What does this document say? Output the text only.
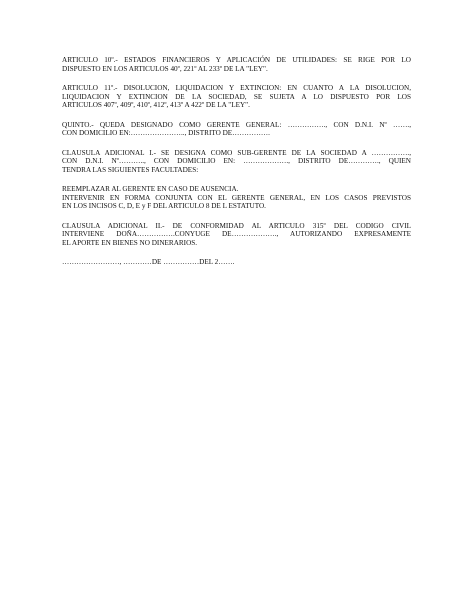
ARTICULO 10º.- ESTADOS FINANCIEROS Y APLICACIÓN DE UTILIDADES: SE RIGE POR LO
DISPUESTO EN LOS ARTICULOS 40º, 221º AL 233º DE LA "LEY".
ARTICULO 11º.- DISOLUCION, LIQUIDACION Y EXTINCION: EN CUANTO A LA DISOLUCION,
LIQUIDACION Y EXTINCION DE LA SOCIEDAD, SE SUJETA A LO DISPUESTO POR LOS
ARTICULOS 407º, 409º, 410º, 412º, 413º A 422º DE LA "LEY".
QUINTO.- QUEDA DESIGNADO COMO GERENTE GENERAL: ……………., CON D.N.I. Nº …….,
CON DOMICILIO EN:………………….., DISTRITO DE…………….
CLAUSULA ADICIONAL I.- SE DESIGNA COMO SUB-GERENTE DE LA SOCIEDAD A …………….,
CON D.N.I. Nº……….., CON DOMICILIO EN: ………………., DISTRITO DE…………., QUIEN
TENDRA LAS SIGUIENTES FACULTADES:
REEMPLAZAR AL GERENTE EN CASO DE AUSENCIA.
INTERVENIR EN FORMA CONJUNTA CON EL GERENTE GENERAL, EN LOS CASOS PREVISTOS
EN LOS INCISOS C, D, E y F DEL ARTICULO 8 DE L ESTATUTO.
CLAUSULA ADICIONAL II.- DE CONFORMIDAD AL ARTICULO 315º DEL CODIGO CIVIL
INTERVIENE DOÑA…………….CONYUGE DE………………., AUTORIZANDO EXPRESAMENTE
EL APORTE EN BIENES NO DINERARIOS.
……………………, …………DE ……………DEL 2…….
